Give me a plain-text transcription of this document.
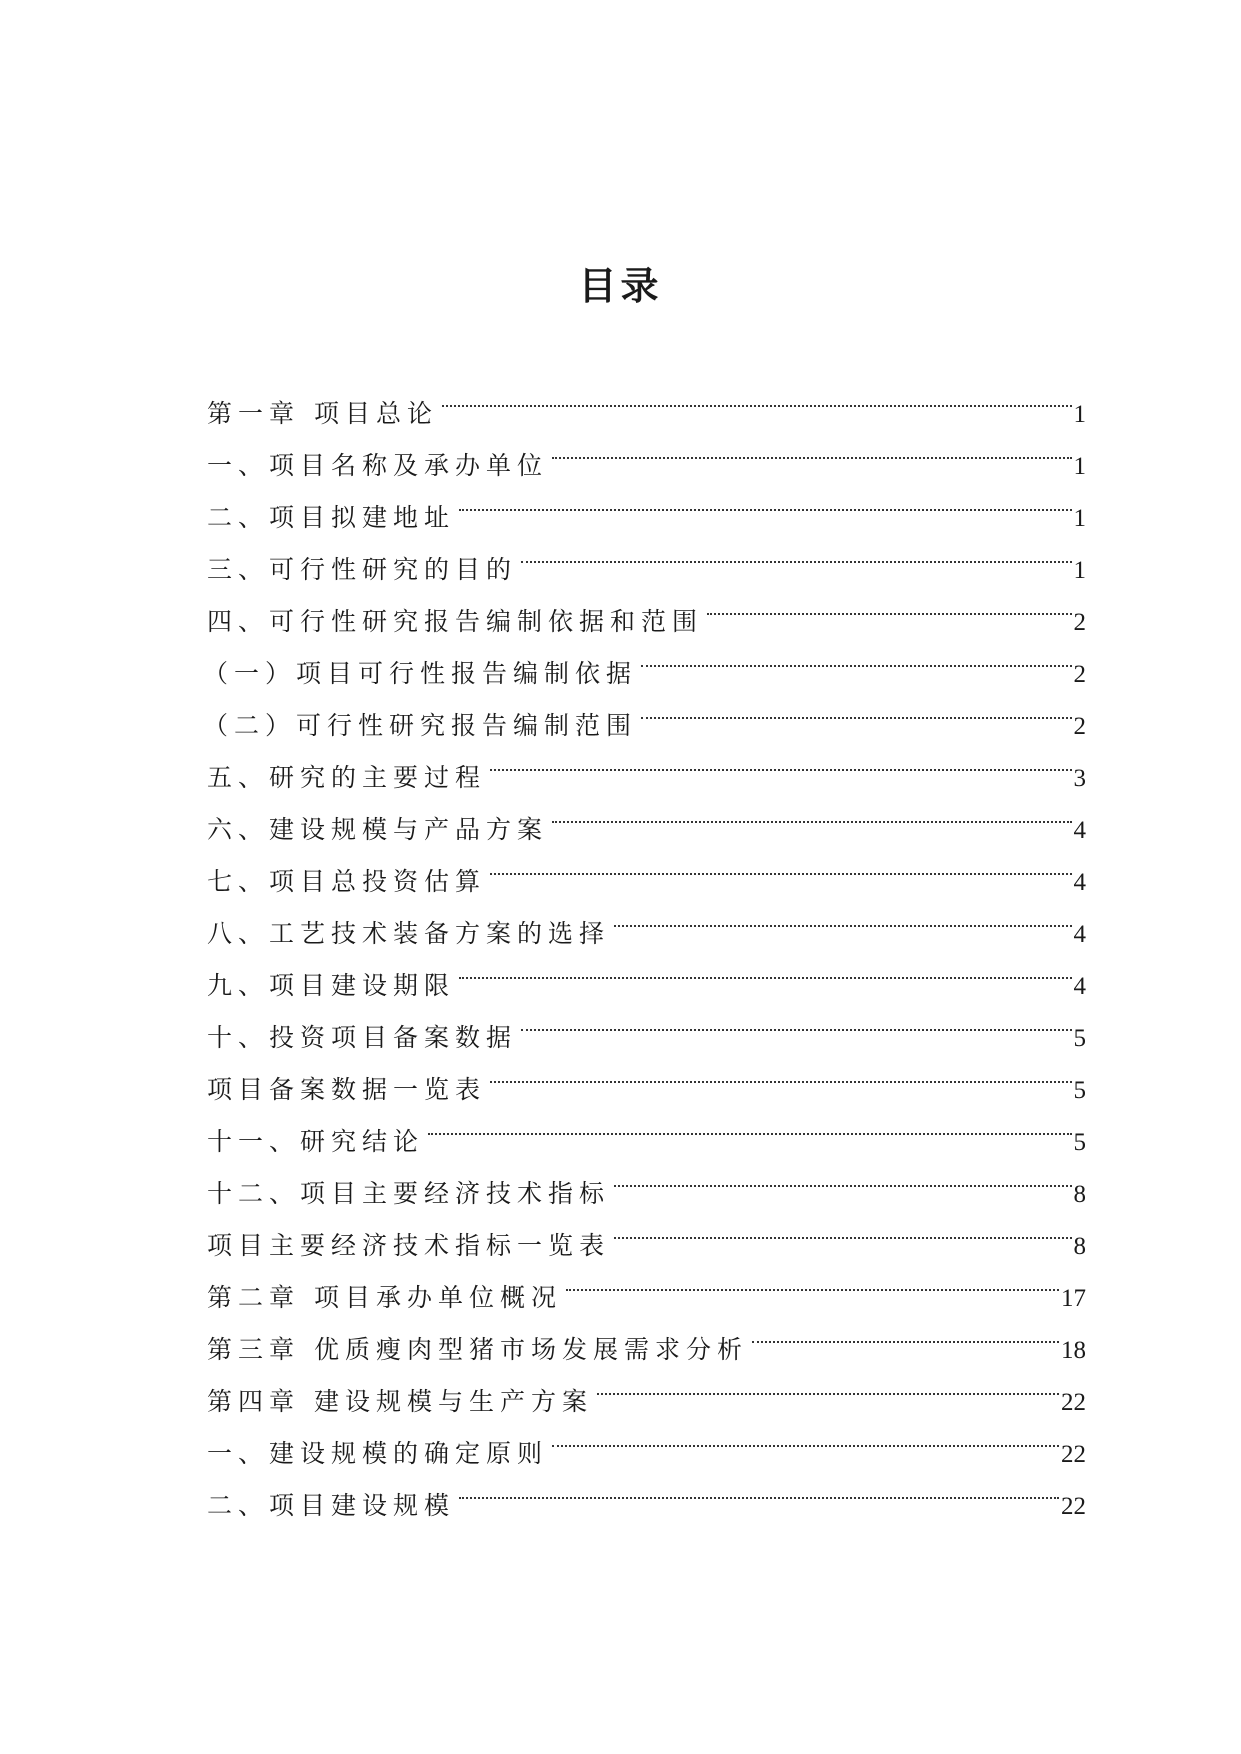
目录
第一章 项目总论	1
一、项目名称及承办单位	1
二、项目拟建地址	1
三、可行性研究的目的	1
四、可行性研究报告编制依据和范围	2
（一）项目可行性报告编制依据	2
（二）可行性研究报告编制范围	2
五、研究的主要过程	3
六、建设规模与产品方案	4
七、项目总投资估算	4
八、工艺技术装备方案的选择	4
九、项目建设期限	4
十、投资项目备案数据	5
项目备案数据一览表	5
十一、研究结论	5
十二、项目主要经济技术指标	8
项目主要经济技术指标一览表	8
第二章 项目承办单位概况	17
第三章 优质瘦肉型猪市场发展需求分析	18
第四章 建设规模与生产方案	22
一、建设规模的确定原则	22
二、项目建设规模	22
